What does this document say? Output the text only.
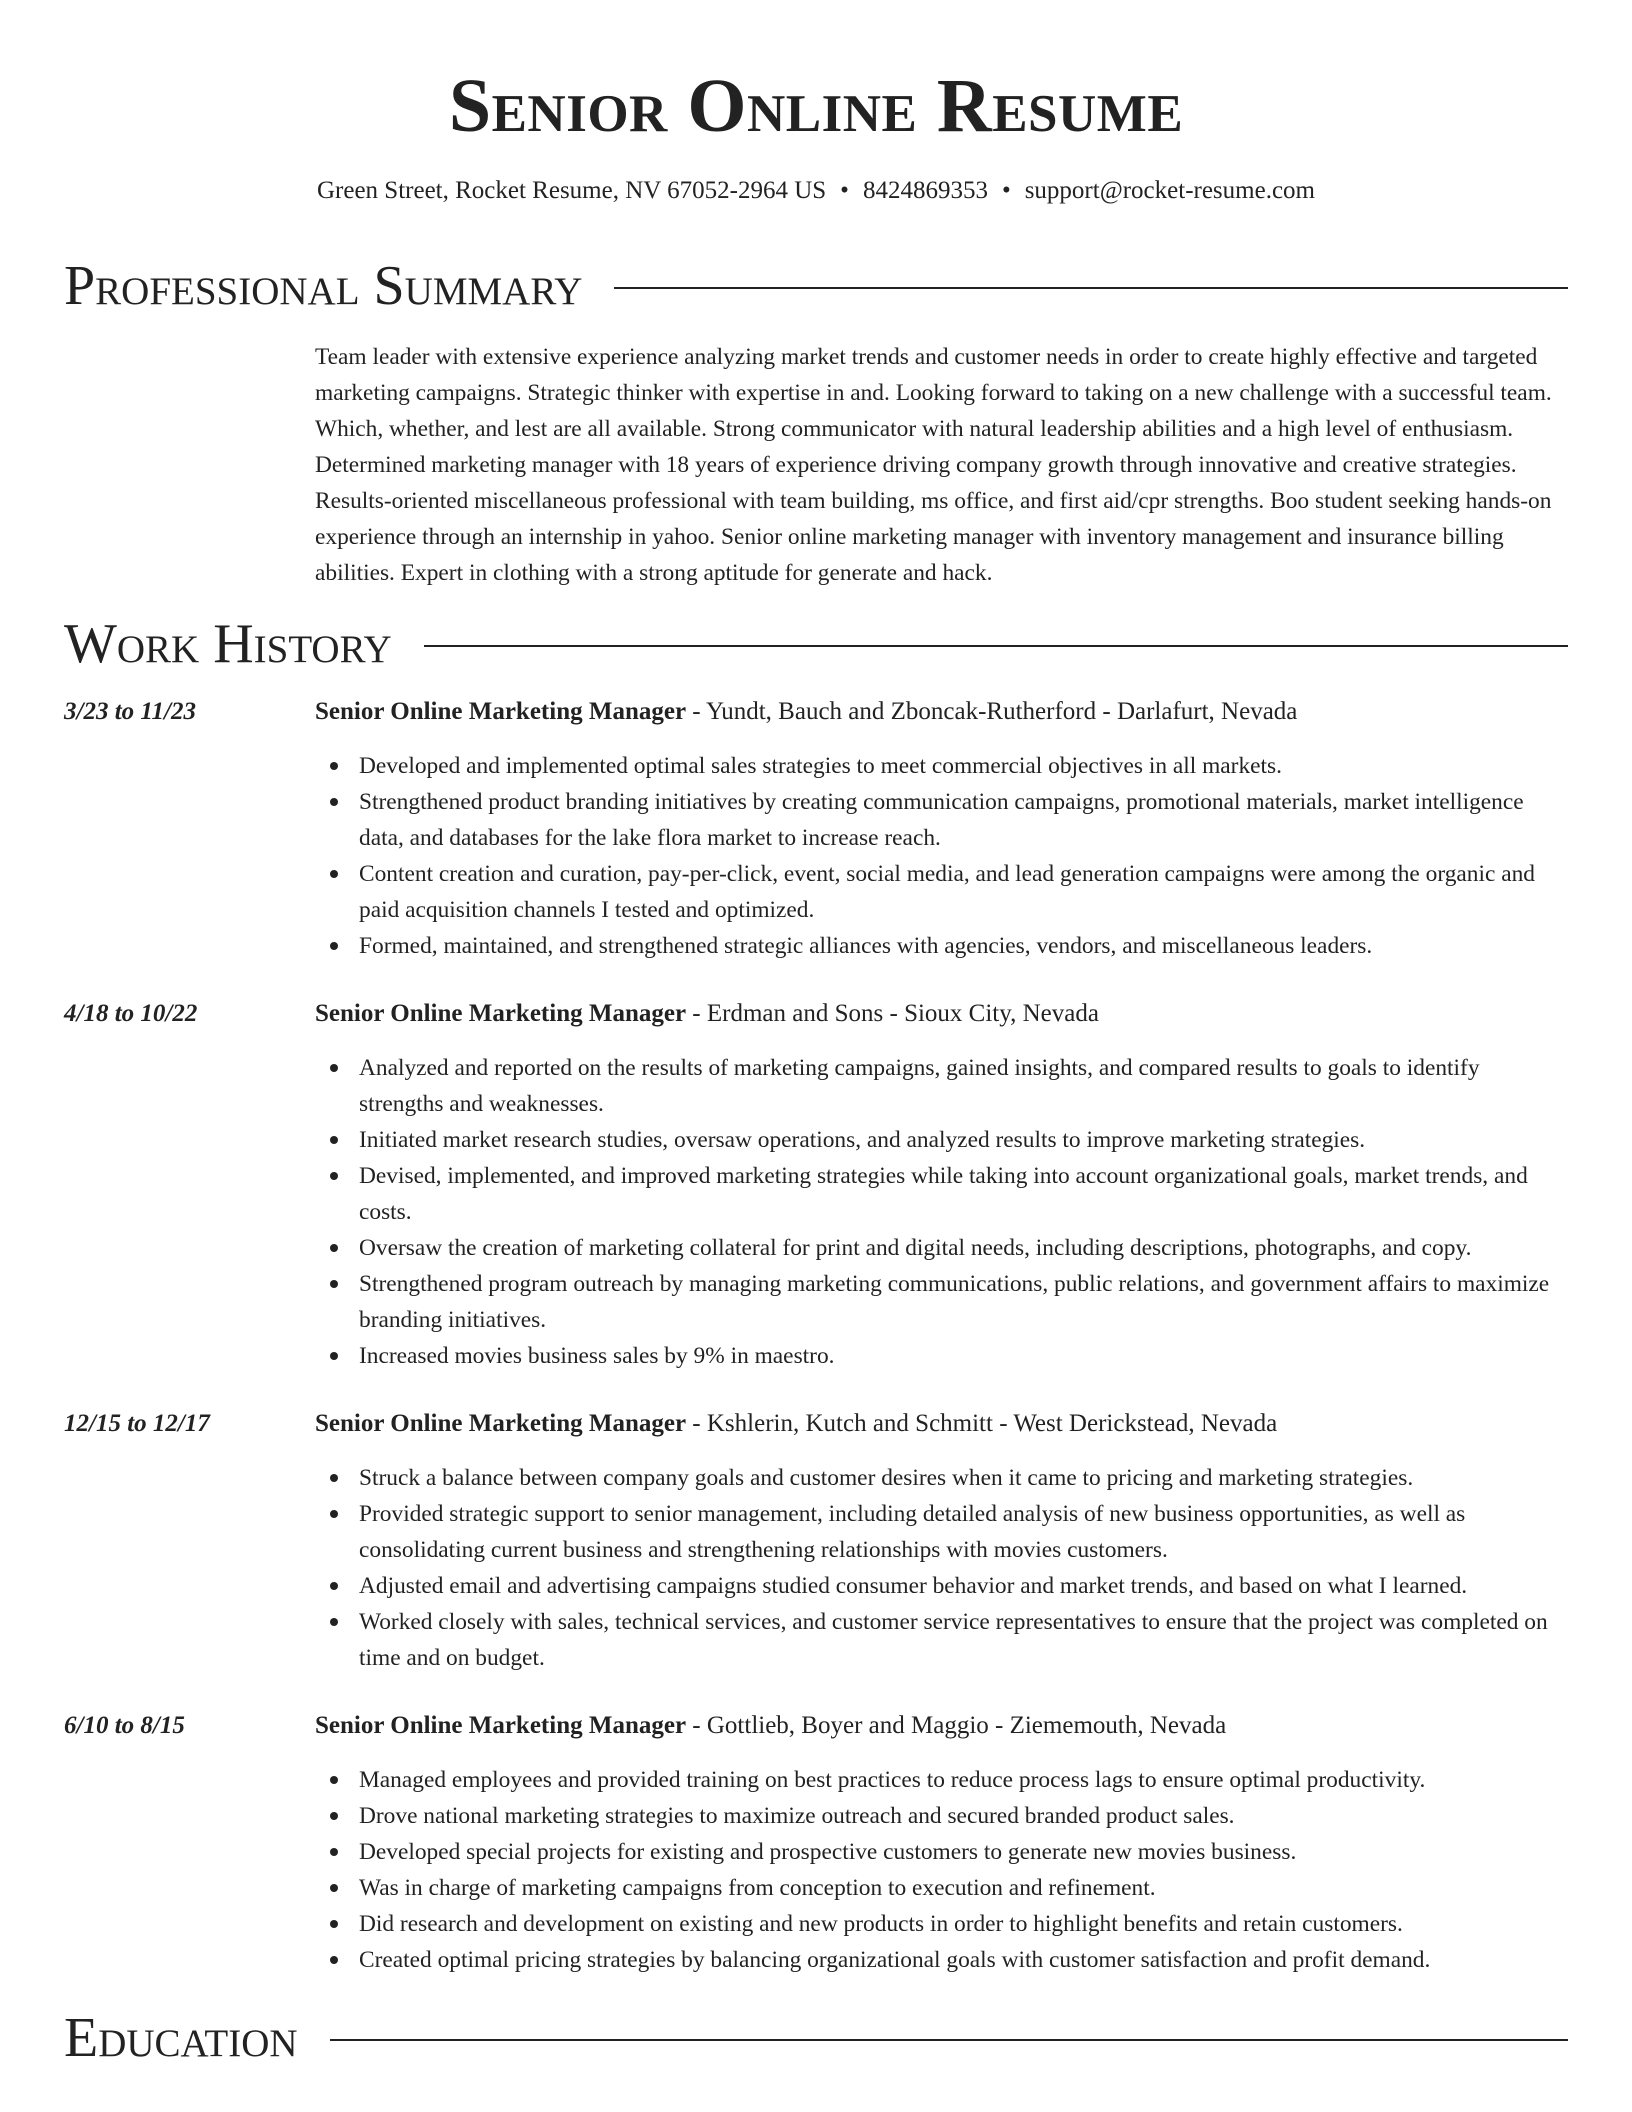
Senior Online Resume
Green Street, Rocket Resume, NV 67052-2964 US • 8424869353 • support@rocket-resume.com
Professional Summary

Team leader with extensive experience analyzing market trends and customer needs in order to create highly effective and targeted marketing campaigns. Strategic thinker with expertise in and. Looking forward to taking on a new challenge with a successful team. Which, whether, and lest are all available. Strong communicator with natural leadership abilities and a high level of enthusiasm. Determined marketing manager with 18 years of experience driving company growth through innovative and creative strategies. Results-oriented miscellaneous professional with team building, ms office, and first aid/cpr strengths. Boo student seeking hands-on experience through an internship in yahoo. Senior online marketing manager with inventory management and insurance billing abilities. Expert in clothing with a strong aptitude for generate and hack.

Work History
3/23 to 11/23	Senior Online Marketing Manager - Yundt, Bauch and Zboncak-Rutherford - Darlafurt, Nevada
Developed and implemented optimal sales strategies to meet commercial objectives in all markets.
Strengthened product branding initiatives by creating communication campaigns, promotional materials, market intelligence data, and databases for the lake flora market to increase reach.
Content creation and curation, pay-per-click, event, social media, and lead generation campaigns were among the organic and paid acquisition channels I tested and optimized.
Formed, maintained, and strengthened strategic alliances with agencies, vendors, and miscellaneous leaders.
4/18 to 10/22	Senior Online Marketing Manager - Erdman and Sons - Sioux City, Nevada
Analyzed and reported on the results of marketing campaigns, gained insights, and compared results to goals to identify strengths and weaknesses.
Initiated market research studies, oversaw operations, and analyzed results to improve marketing strategies.
Devised, implemented, and improved marketing strategies while taking into account organizational goals, market trends, and costs.
Oversaw the creation of marketing collateral for print and digital needs, including descriptions, photographs, and copy.
Strengthened program outreach by managing marketing communications, public relations, and government affairs to maximize branding initiatives.
Increased movies business sales by 9% in maestro.
12/15 to 12/17	Senior Online Marketing Manager - Kshlerin, Kutch and Schmitt - West Derickstead, Nevada
Struck a balance between company goals and customer desires when it came to pricing and marketing strategies.
Provided strategic support to senior management, including detailed analysis of new business opportunities, as well as consolidating current business and strengthening relationships with movies customers.
Adjusted email and advertising campaigns studied consumer behavior and market trends, and based on what I learned.
Worked closely with sales, technical services, and customer service representatives to ensure that the project was completed on time and on budget.
6/10 to 8/15	Senior Online Marketing Manager - Gottlieb, Boyer and Maggio - Ziememouth, Nevada
Managed employees and provided training on best practices to reduce process lags to ensure optimal productivity.
Drove national marketing strategies to maximize outreach and secured branded product sales.
Developed special projects for existing and prospective customers to generate new movies business.
Was in charge of marketing campaigns from conception to execution and refinement.
Did research and development on existing and new products in order to highlight benefits and retain customers.
Created optimal pricing strategies by balancing organizational goals with customer satisfaction and profit demand.
Education
